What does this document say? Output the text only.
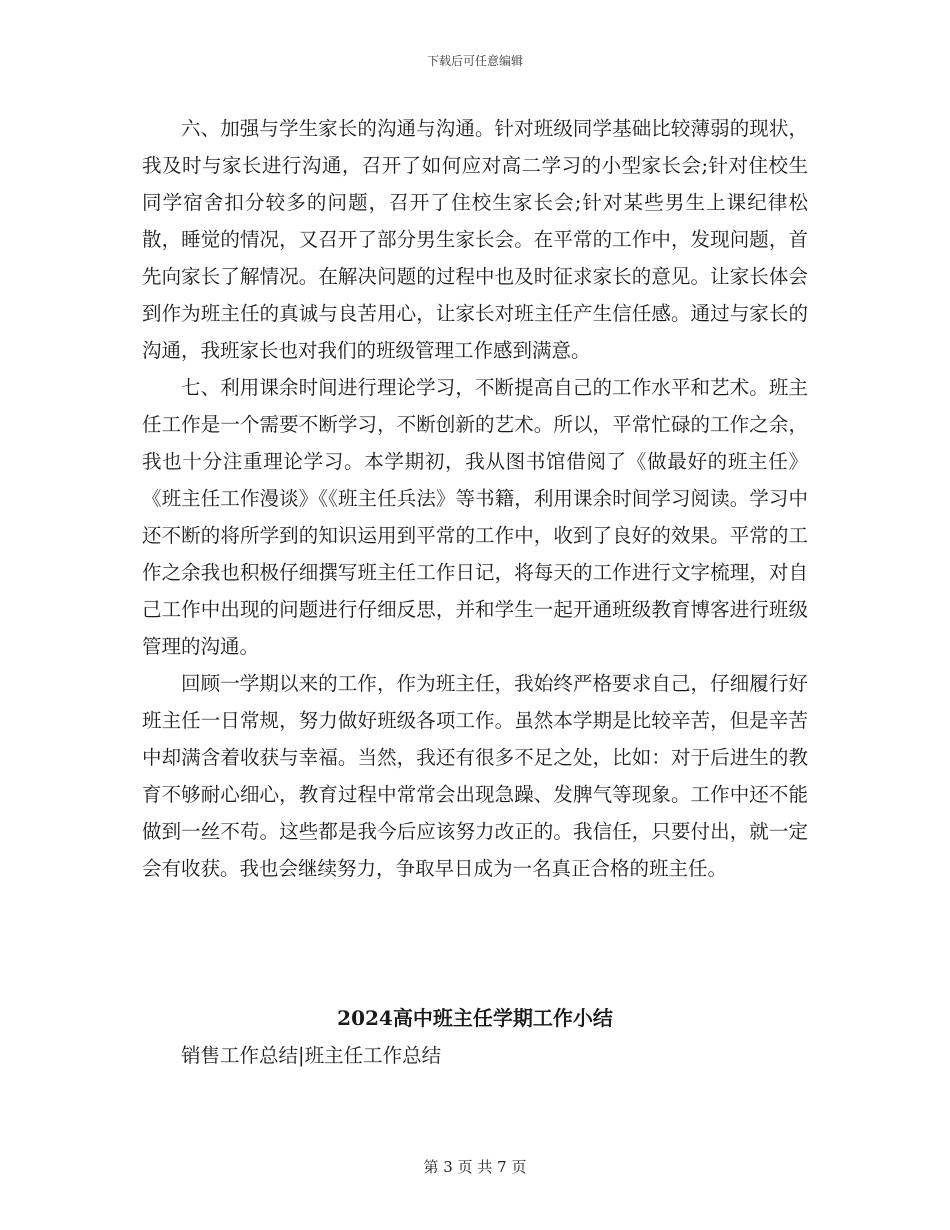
下载后可任意编辑

六、加强与学生家长的沟通与沟通。针对班级同学基础比较薄弱的现状，我及时与家长进行沟通，召开了如何应对高二学习的小型家长会;针对住校生同学宿舍扣分较多的问题，召开了住校生家长会;针对某些男生上课纪律松散，睡觉的情况，又召开了部分男生家长会。在平常的工作中，发现问题，首先向家长了解情况。在解决问题的过程中也及时征求家长的意见。让家长体会到作为班主任的真诚与良苦用心，让家长对班主任产生信任感。通过与家长的沟通，我班家长也对我们的班级管理工作感到满意。

七、利用课余时间进行理论学习，不断提高自己的工作水平和艺术。班主任工作是一个需要不断学习，不断创新的艺术。所以，平常忙碌的工作之余，我也十分注重理论学习。本学期初，我从图书馆借阅了《做最好的班主任》《班主任工作漫谈》《《班主任兵法》等书籍，利用课余时间学习阅读。学习中还不断的将所学到的知识运用到平常的工作中，收到了良好的效果。平常的工作之余我也积极仔细撰写班主任工作日记，将每天的工作进行文字梳理，对自己工作中出现的问题进行仔细反思，并和学生一起开通班级教育博客进行班级管理的沟通。

回顾一学期以来的工作，作为班主任，我始终严格要求自己，仔细履行好班主任一日常规，努力做好班级各项工作。虽然本学期是比较辛苦，但是辛苦中却满含着收获与幸福。当然，我还有很多不足之处，比如：对于后进生的教育不够耐心细心，教育过程中常常会出现急躁、发脾气等现象。工作中还不能做到一丝不苟。这些都是我今后应该努力改正的。我信任，只要付出，就一定会有收获。我也会继续努力，争取早日成为一名真正合格的班主任。

2024高中班主任学期工作小结
销售工作总结|班主任工作总结
第 3 页 共 7 页
